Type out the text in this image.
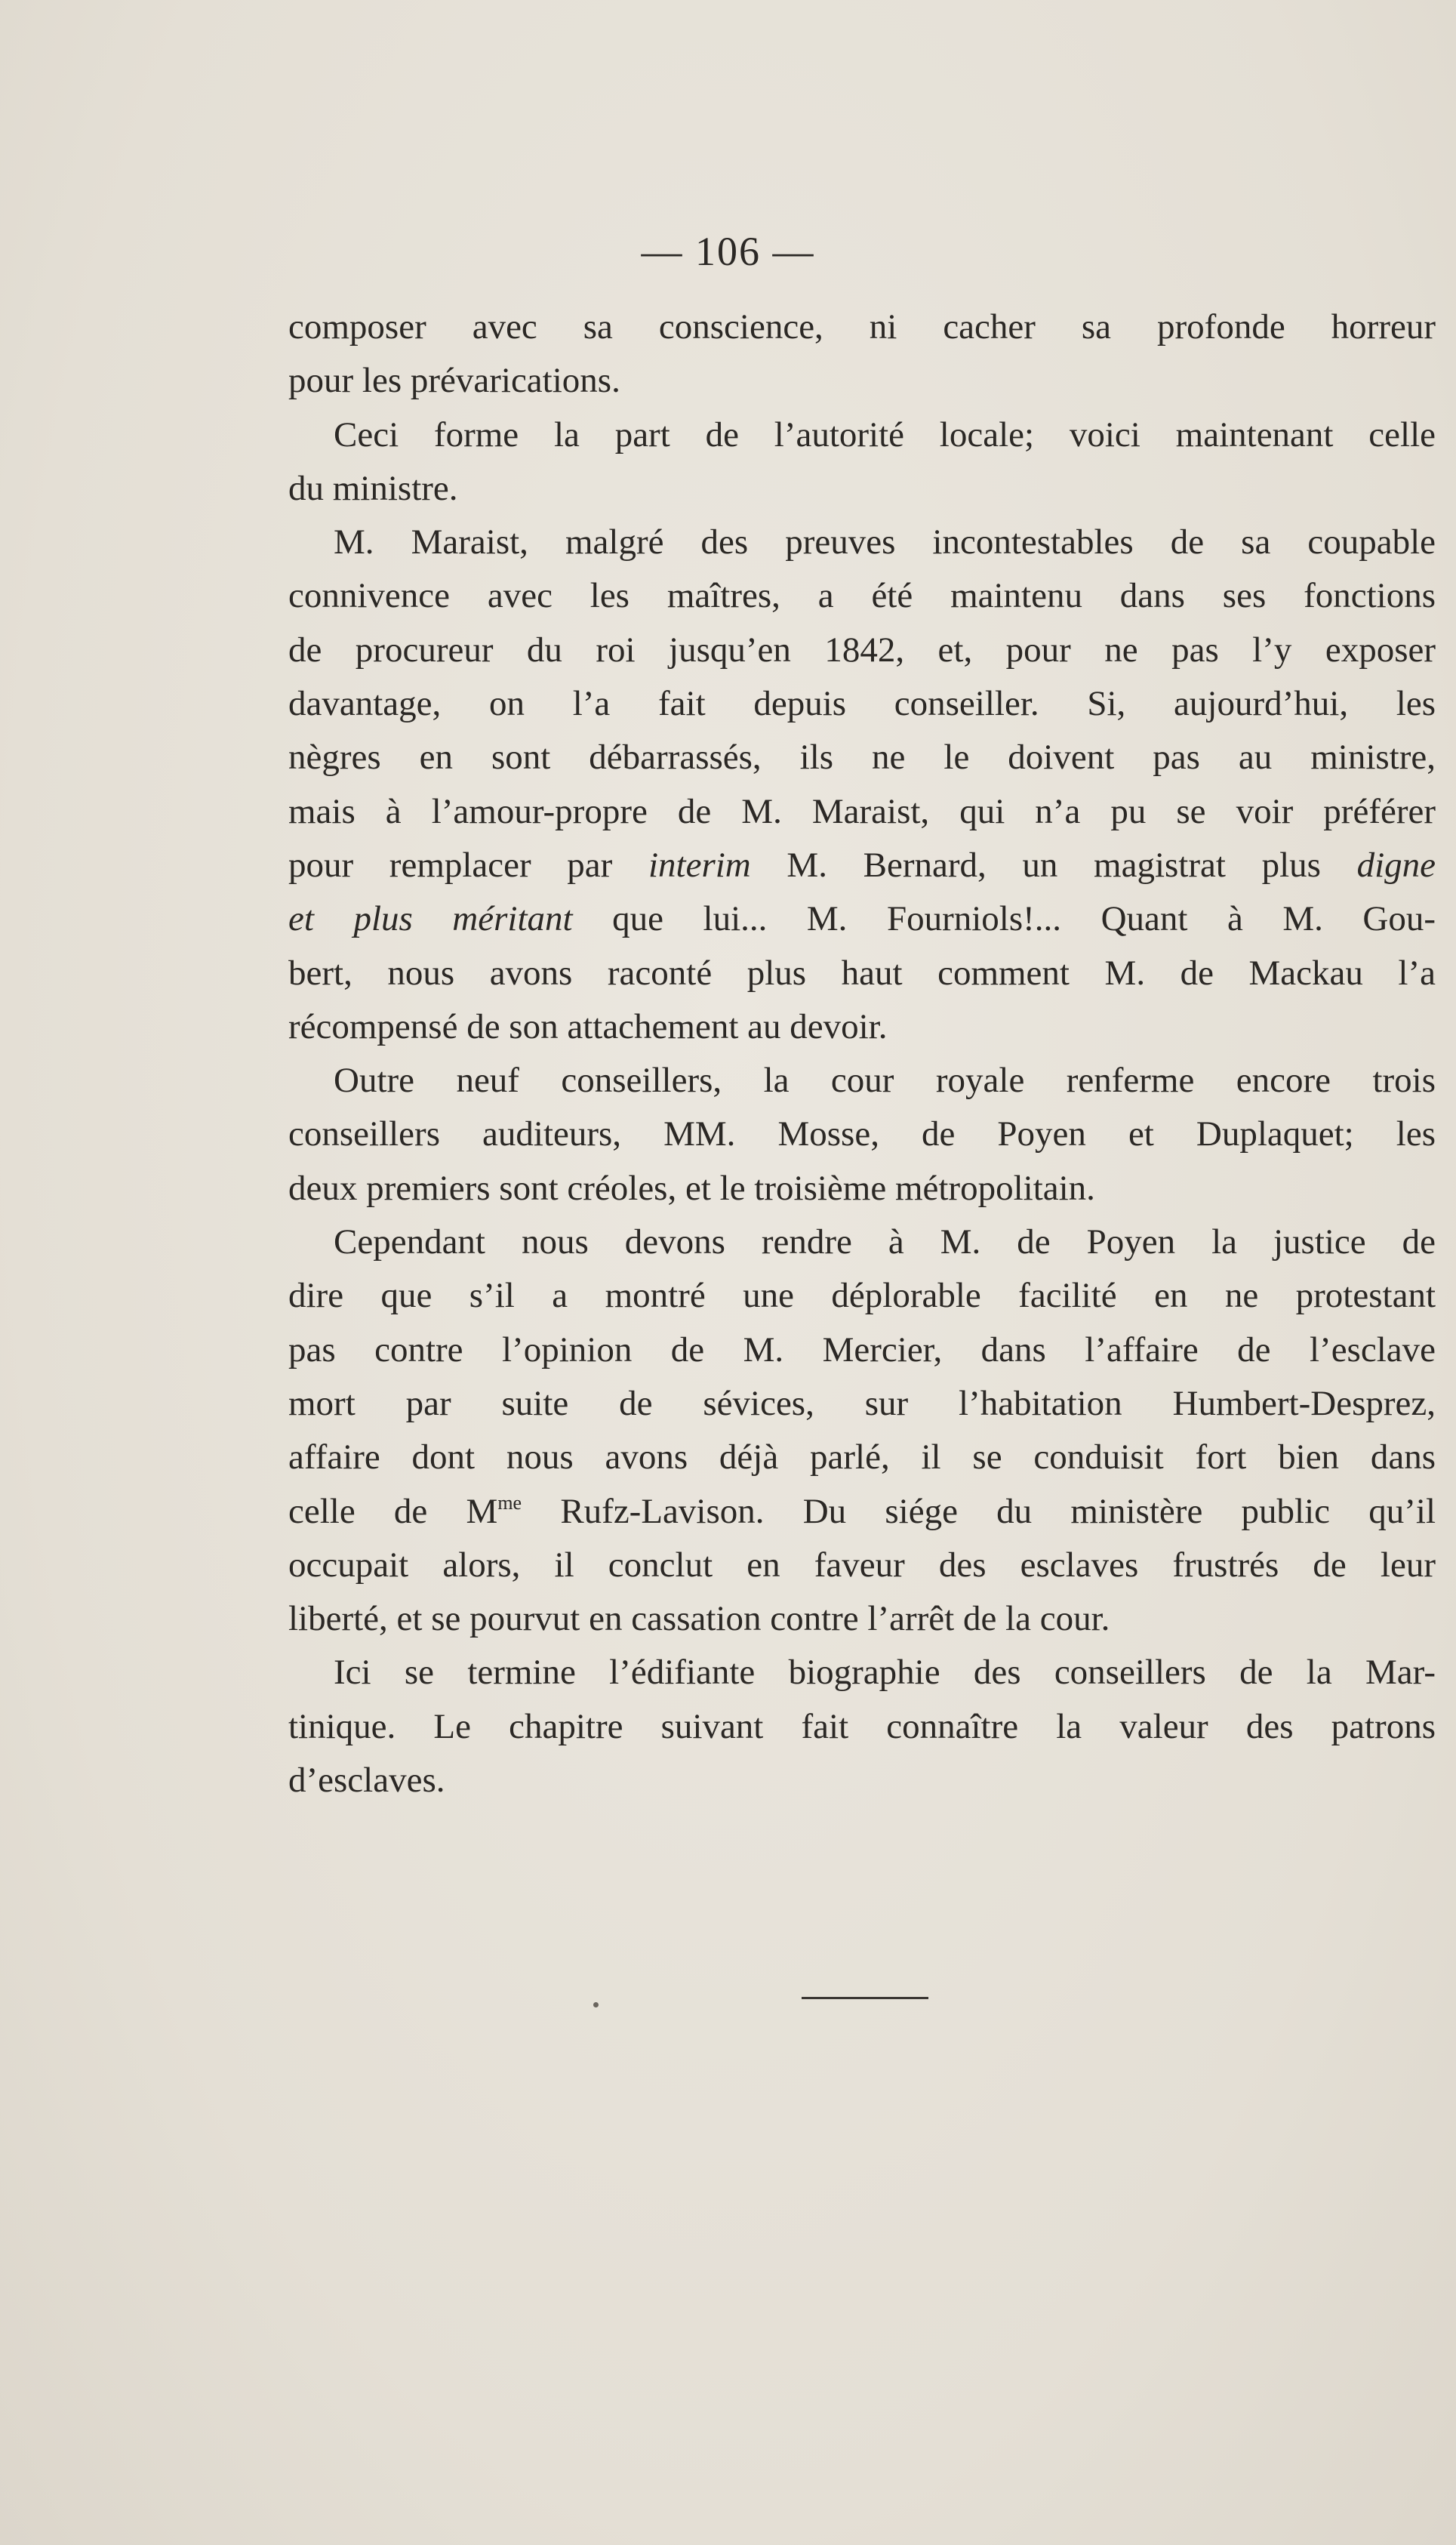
— 106 —
composer avec sa conscience, ni cacher sa profonde horreur
pour les prévarications.
Ceci forme la part de l’autorité locale; voici maintenant celle
du ministre.
M. Maraist, malgré des preuves incontestables de sa coupable
connivence avec les maîtres, a été maintenu dans ses fonctions
de procureur du roi jusqu’en 1842, et, pour ne pas l’y exposer
davantage, on l’a fait depuis conseiller. Si, aujourd’hui, les
nègres en sont débarrassés, ils ne le doivent pas au ministre,
mais à l’amour-propre de M. Maraist, qui n’a pu se voir préférer
pour remplacer par interim M. Bernard, un magistrat plus digne
et plus méritant que lui... M. Fourniols!... Quant à M. Gou-
bert, nous avons raconté plus haut comment M. de Mackau l’a
récompensé de son attachement au devoir.
Outre neuf conseillers, la cour royale renferme encore trois
conseillers auditeurs, MM. Mosse, de Poyen et Duplaquet; les
deux premiers sont créoles, et le troisième métropolitain.
Cependant nous devons rendre à M. de Poyen la justice de
dire que s’il a montré une déplorable facilité en ne protestant
pas contre l’opinion de M. Mercier, dans l’affaire de l’esclave
mort par suite de sévices, sur l’habitation Humbert-Desprez,
affaire dont nous avons déjà parlé, il se conduisit fort bien dans
celle de $M^{me}$ Rufz-Lavison. Du siége du ministère public qu’il
occupait alors, il conclut en faveur des esclaves frustrés de leur
liberté, et se pourvut en cassation contre l’arrêt de la cour.
Ici se termine l’édifiante biographie des conseillers de la Mar-
tinique. Le chapitre suivant fait connaître la valeur des patrons
d’esclaves.
